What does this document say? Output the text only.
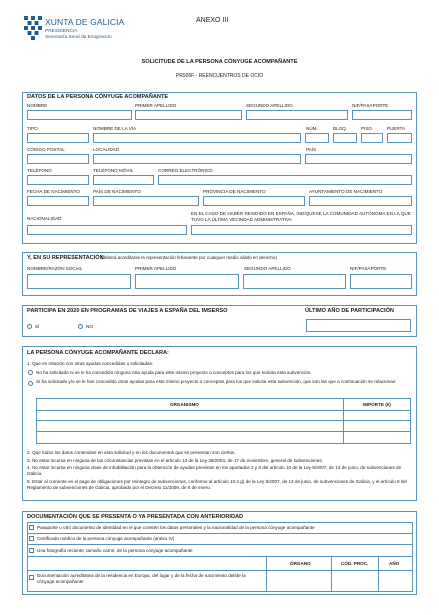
XUNTA DE GALICIA
PRESIDENCIA
Secretaría Xeral da Emigración
ANEXO III
SOLICITUDE DE LA PERSONA CÓNYUGE ACOMPAÑANTE
PR926F - REENCUENTROS DE OCIO
DATOS DE LA PERSONA CÓNYUGE ACOMPAÑANTE
NOMBRE	PRIMER APELLIDO	SEGUNDO APELLIDO	NIF/PASAPORTE
TIPO	NOMBRE DE LA VÍA	NÚM.	BLOQ.	PISO	PUERTA
CÓDIGO POSTAL	LOCALIDAD	PAÍS
TELÉFONO	TELÉFONO MÓVIL	CORREO ELECTRÓNICO
FECHA DE NACIMIENTO	PAÍS DE NACIMIENTO	PROVINCIA DE NACIMIENTO	AYUNTAMIENTO DE NACIMIENTO
NACIONALIDAD
EN EL CASO DE HABER RESIDIDO EN ESPAÑA, INDÍQUESE LA COMUNIDAD AUTÓNOMA EN LA QUE TUVO LA ÚLTIMA VECINDAD ADMINISTRATIVA
Y, EN SU REPRESENTACIÓN
(deberá acreditarse la representación fehaciente por cualquier medio válido en derecho)
NOMBRE/RAZÓN SOCIAL	PRIMER APELLIDO	SEGUNDO APELLIDO	NIF/PASAPORTE
PARTICIPA EN 2020 EN PROGRAMAS DE VIAJES A ESPAÑA DEL IMSERSO	ÚLTIMO AÑO DE PARTICIPACIÓN
SÍ	NO
LA PERSONA CÓNYUGE ACOMPAÑANTE DECLARA:
1. Que en relación con otras ayudas concedidas o solicitadas:
No ha solicitado ni se le ha concedido ninguna otra ayuda para este mismo proyecto o conceptos para los que solicita esta subvención.
Sí ha solicitado y/o se le han concedido otras ayudas para este mismo proyecto o conceptos para los que solicita esta subvención, que son las que a continuación se relacionan:
ORGANISMO	IMPORTE (€)
2. Que todos los datos contenidos en esta solicitud y en los documentos que se presentan son ciertos.
3. No estar incursa en ninguna de las circunstancias previstas en el artículo 13 de la Ley 38/2003, de 17 de noviembre, general de subvenciones.
4. No estar incursa en ninguna clase de inhabilitación para la obtención de ayudas previstas en los apartados 2 y 3 del artículo 10 de la Ley 9/2007, de 13 de junio, de subvenciones de Galicia.
5. Estar al corriente en el pago de obligaciones por reintegro de subvenciones, conforme al artículo 10.2.g) de la Ley 9/2007, de 13 de junio, de subvenciones de Galicia, y el artículo 9 del Reglamento de subvenciones de Galicia, aprobado por el Decreto 11/2009, de 8 de enero.
DOCUMENTACIÓN QUE SE PRESENTA O YA PRESENTADA CON ANTERIORIDAD
Pasaporte u otro documento de identidad en el que consten los datos personales y la nacionalidad de la persona cónyuge acompañante
Certificado médico de la persona cónyuge acompañante (anexo IV)
Una fotografía reciente, tamaño carné, de la persona cónyuge acompañante
ÓRGANO	CÓD. PROC.	AÑO
Documentación acreditativa de la residencia en Europa, del lugar y de la fecha de nacimiento del/de la cónyuge acompañante
